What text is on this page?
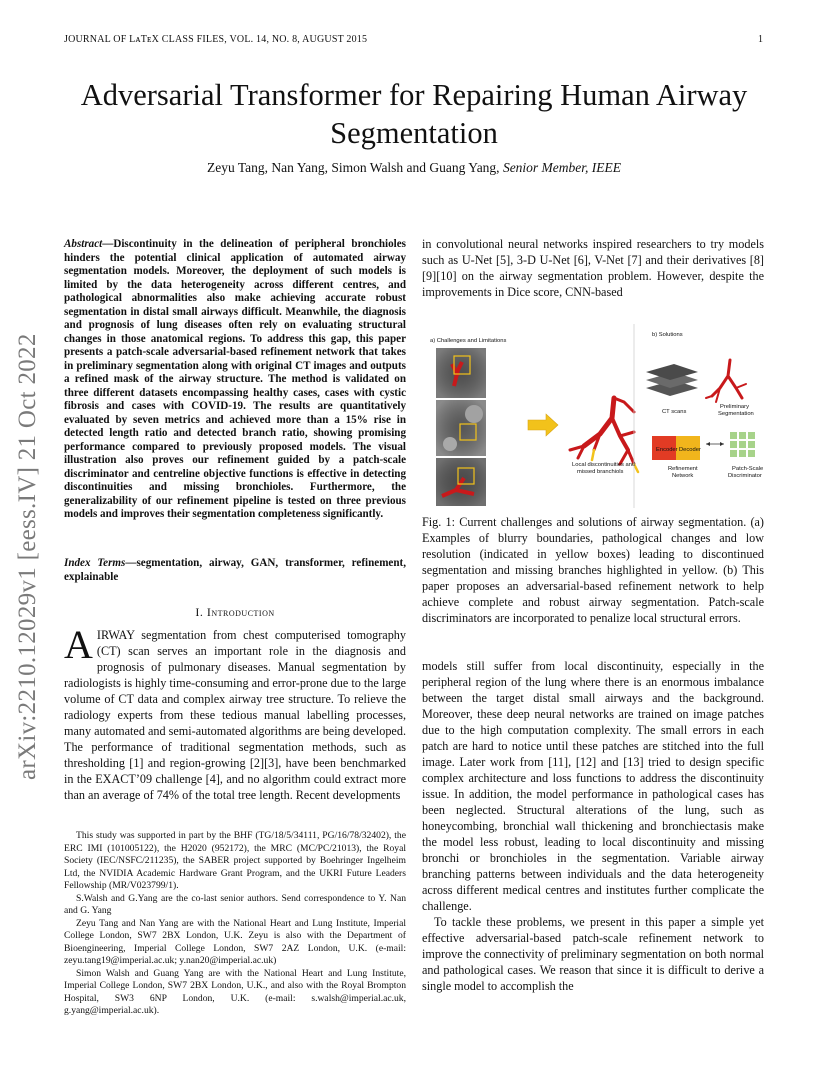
JOURNAL OF LᴀTᴇX CLASS FILES, VOL. 14, NO. 8, AUGUST 2015	1
arXiv:2210.12029v1 [eess.IV] 21 Oct 2022
Adversarial Transformer for Repairing Human Airway Segmentation
Zeyu Tang, Nan Yang, Simon Walsh and Guang Yang, Senior Member, IEEE
Abstract—Discontinuity in the delineation of peripheral bronchioles hinders the potential clinical application of automated airway segmentation models. Moreover, the deployment of such models is limited by the data heterogeneity across different centres, and pathological abnormalities also make achieving accurate robust segmentation in distal small airways difficult. Meanwhile, the diagnosis and prognosis of lung diseases often rely on evaluating structural changes in those anatomical regions. To address this gap, this paper presents a patch-scale adversarial-based refinement network that takes in preliminary segmentation along with original CT images and outputs a refined mask of the airway structure. The method is validated on three different datasets encompassing healthy cases, cases with cystic fibrosis and cases with COVID-19. The results are quantitatively evaluated by seven metrics and achieved more than a 15% rise in detected length ratio and detected branch ratio, showing promising performance compared to previously proposed models. The visual illustration also proves our refinement guided by a patch-scale discriminator and centreline objective functions is effective in detecting discontinuities and missing bronchioles. Furthermore, the generalizability of our refinement pipeline is tested on three previous models and improves their segmentation completeness significantly.
Index Terms—segmentation, airway, GAN, transformer, refinement, explainable
I. Introduction
AIRWAY segmentation from chest computerised tomography (CT) scan serves an important role in the diagnosis and prognosis of pulmonary diseases. Manual segmentation by radiologists is highly time-consuming and error-prone due to the large volume of CT data and complex airway tree structure. To relieve the radiology experts from these tedious manual labelling processes, many automated and semi-automated algorithms are being developed. The performance of traditional segmentation methods, such as thresholding [1] and region-growing [2][3], have been benchmarked in the EXACT’09 challenge [4], and no algorithm could extract more than an average of 74% of the total tree length. Recent developments

This study was supported in part by the BHF (TG/18/5/34111, PG/16/78/32402), the ERC IMI (101005122), the H2020 (952172), the MRC (MC/PC/21013), the Royal Society (IEC/NSFC/211235), the SABER project supported by Boehringer Ingelheim Ltd, the NVIDIA Academic Hardware Grant Program, and the UKRI Future Leaders Fellowship (MR/V023799/1).

S.Walsh and G.Yang are the co-last senior authors. Send correspondence to Y. Nan and G. Yang

Zeyu Tang and Nan Yang are with the National Heart and Lung Institute, Imperial College London, SW7 2BX London, U.K. Zeyu is also with the Department of Bioengineering, Imperial College London, SW7 2AZ London, U.K. (e-mail: zeyu.tang19@imperial.ac.uk; y.nan20@imperial.ac.uk)

Simon Walsh and Guang Yang are with the National Heart and Lung Institute, Imperial College London, SW7 2BX London, U.K., and also with the Royal Brompton Hospital, SW3 6NP London, U.K. (e-mail: s.walsh@imperial.ac.uk, g.yang@imperial.ac.uk).

in convolutional neural networks inspired researchers to try models such as U-Net [5], 3-D U-Net [6], V-Net [7] and their derivatives [8][9][10] on the airway segmentation problem. However, despite the improvements in Dice score, CNN-based
Fig. 1: Current challenges and solutions of airway segmentation. (a) Examples of blurry boundaries, pathological changes and low resolution (indicated in yellow boxes) leading to discontinued segmentation and missing branches highlighted in yellow. (b) This paper proposes an adversarial-based refinement network to help achieve complete and robust airway segmentation. Patch-scale discriminators are incorporated to penalize local structural errors.

models still suffer from local discontinuity, especially in the peripheral region of the lung where there is an enormous imbalance between the target distal small airways and the background. Moreover, these deep neural networks are trained on image patches due to the high computation complexity. The small errors in each patch are hard to notice until these patches are stitched into the full image. Later work from [11], [12] and [13] tried to design specific complex architecture and loss functions to address the discontinuity issue. In addition, the model performance in pathological cases has been neglected. Structural alterations of the lung, such as honeycombing, bronchial wall thickening and bronchiectasis make the model less robust, leading to local discontinuity and missing bronchi or bronchioles in the segmentation. Variable airway branching patterns between individuals and the data heterogeneity across different medical centres and institutes further complicate the challenge.

To tackle these problems, we present in this paper a simple yet effective adversarial-based patch-scale refinement network to improve the connectivity of preliminary segmentation on both normal and pathological cases. We reason that since it is difficult to derive a single model to accomplish the

a) Challenges and Limitations
Local discontinuities and
missed branchiols
b) Solutions
CT scans
Preliminary
Segmentation
Encoder Decoder
Refinement
Network
Patch-Scale
Discriminator
